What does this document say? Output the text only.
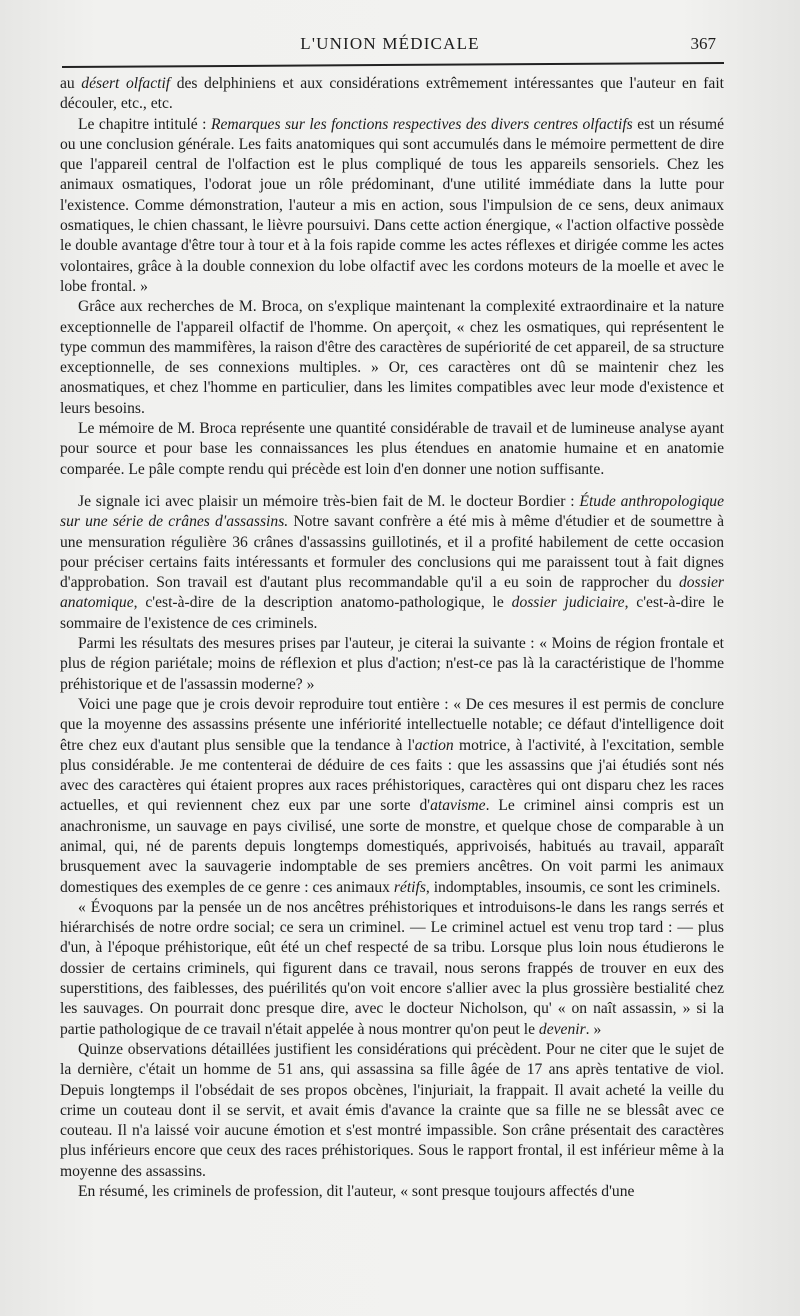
L'UNION MÉDICALE	367

au désert olfactif des delphiniens et aux considérations extrêmement intéressantes que l'auteur en fait découler, etc., etc.

Le chapitre intitulé : Remarques sur les fonctions respectives des divers centres olfactifs est un résumé ou une conclusion générale. Les faits anatomiques qui sont accumulés dans le mémoire permettent de dire que l'appareil central de l'olfaction est le plus compliqué de tous les appareils sensoriels. Chez les animaux osmatiques, l'odorat joue un rôle prédominant, d'une utilité immédiate dans la lutte pour l'existence. Comme démonstration, l'auteur a mis en action, sous l'impulsion de ce sens, deux animaux osmatiques, le chien chassant, le lièvre poursuivi. Dans cette action énergique, « l'action olfactive possède le double avantage d'être tour à tour et à la fois rapide comme les actes réflexes et dirigée comme les actes volontaires, grâce à la double connexion du lobe olfactif avec les cordons moteurs de la moelle et avec le lobe frontal. »

Grâce aux recherches de M. Broca, on s'explique maintenant la complexité extraordinaire et la nature exceptionnelle de l'appareil olfactif de l'homme. On aperçoit, « chez les osmatiques, qui représentent le type commun des mammifères, la raison d'être des caractères de supériorité de cet appareil, de sa structure exceptionnelle, de ses connexions multiples. » Or, ces caractères ont dû se maintenir chez les anosmatiques, et chez l'homme en particulier, dans les limites compatibles avec leur mode d'existence et leurs besoins.

Le mémoire de M. Broca représente une quantité considérable de travail et de lumineuse analyse ayant pour source et pour base les connaissances les plus étendues en anatomie humaine et en anatomie comparée. Le pâle compte rendu qui précède est loin d'en donner une notion suffisante.

Je signale ici avec plaisir un mémoire très-bien fait de M. le docteur Bordier : Étude anthropologique sur une série de crânes d'assassins. Notre savant confrère a été mis à même d'étudier et de soumettre à une mensuration régulière 36 crânes d'assassins guillotinés, et il a profité habilement de cette occasion pour préciser certains faits intéressants et formuler des conclusions qui me paraissent tout à fait dignes d'approbation. Son travail est d'autant plus recommandable qu'il a eu soin de rapprocher du dossier anatomique, c'est-à-dire de la description anatomo-pathologique, le dossier judiciaire, c'est-à-dire le sommaire de l'existence de ces criminels.

Parmi les résultats des mesures prises par l'auteur, je citerai la suivante : « Moins de région frontale et plus de région pariétale; moins de réflexion et plus d'action; n'est-ce pas là la caractéristique de l'homme préhistorique et de l'assassin moderne? »

Voici une page que je crois devoir reproduire tout entière : « De ces mesures il est permis de conclure que la moyenne des assassins présente une infériorité intellectuelle notable; ce défaut d'intelligence doit être chez eux d'autant plus sensible que la tendance à l'action motrice, à l'activité, à l'excitation, semble plus considérable. Je me contenterai de déduire de ces faits : que les assassins que j'ai étudiés sont nés avec des caractères qui étaient propres aux races préhistoriques, caractères qui ont disparu chez les races actuelles, et qui reviennent chez eux par une sorte d'atavisme. Le criminel ainsi compris est un anachronisme, un sauvage en pays civilisé, une sorte de monstre, et quelque chose de comparable à un animal, qui, né de parents depuis longtemps domestiqués, apprivoisés, habitués au travail, apparaît brusquement avec la sauvagerie indomptable de ses premiers ancêtres. On voit parmi les animaux domestiques des exemples de ce genre : ces animaux rétifs, indomptables, insoumis, ce sont les criminels.

« Évoquons par la pensée un de nos ancêtres préhistoriques et introduisons-le dans les rangs serrés et hiérarchisés de notre ordre social; ce sera un criminel. — Le criminel actuel est venu trop tard : — plus d'un, à l'époque préhistorique, eût été un chef respecté de sa tribu. Lorsque plus loin nous étudierons le dossier de certains criminels, qui figurent dans ce travail, nous serons frappés de trouver en eux des superstitions, des faiblesses, des puérilités qu'on voit encore s'allier avec la plus grossière bestialité chez les sauvages. On pourrait donc presque dire, avec le docteur Nicholson, qu' « on naît assassin, » si la partie pathologique de ce travail n'était appelée à nous montrer qu'on peut le devenir. »

Quinze observations détaillées justifient les considérations qui précèdent. Pour ne citer que le sujet de la dernière, c'était un homme de 51 ans, qui assassina sa fille âgée de 17 ans après tentative de viol. Depuis longtemps il l'obsédait de ses propos obcènes, l'injuriait, la frappait. Il avait acheté la veille du crime un couteau dont il se servit, et avait émis d'avance la crainte que sa fille ne se blessât avec ce couteau. Il n'a laissé voir aucune émotion et s'est montré impassible. Son crâne présentait des caractères plus inférieurs encore que ceux des races préhistoriques. Sous le rapport frontal, il est inférieur même à la moyenne des assassins.

En résumé, les criminels de profession, dit l'auteur, « sont presque toujours affectés d'une
